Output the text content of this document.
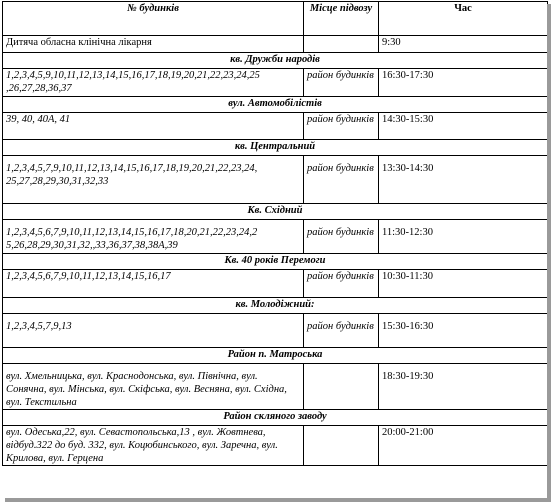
№ будинків	Місце підвозу	Час
Дитяча обласна клінічна лікарня		9:30
кв. Дружби народів		
1,2,3,4,5,9,10,11,12,13,14,15,16,17,18,19,20,21,22,23,24,25 ,26,27,28,36,37	район будинків	16:30-17:30
вул. Автомобілістів		
39, 40, 40А, 41	район будинків	14:30-15:30
кв. Центральний		
1,2,3,4,5,7,9,10,11,12,13,14,15,16,17,18,19,20,21,22,23,24, 25,27,28,29,30,31,32,33	район будинків	13:30-14:30
Кв. Східний		
1,2,3,4,5,6,7,9,10,11,12,13,14,15,16,17,18,20,21,22,23,24,2 5,26,28,29,30,31,32,,33,36,37,38,38А,39	район будинків	11:30-12:30
Кв. 40 років Перемоги		
1,2,3,4,5,6,7,9,10,11,12,13,14,15,16,17	район будинків	10:30-11:30
кв. Молодіжний:		
1,2,3,4,5,7,9,13	район будинків	15:30-16:30
Район п. Матроська		
вул. Хмельницька, вул. Краснодонська, вул. Північна, вул. Сонячна, вул. Мінська, вул. Скіфська, вул. Весняна, вул. Східна, вул. Текстильна		18:30-19:30
Район скляного заводу		
вул. Одеська,22, вул. Севастопольська,13 , вул. Жовтнева, відбуд.322 до буд. 332, вул. Коцюбинського, вул. Заречна, вул. Крилова, вул. Герцена		20:00-21:00
